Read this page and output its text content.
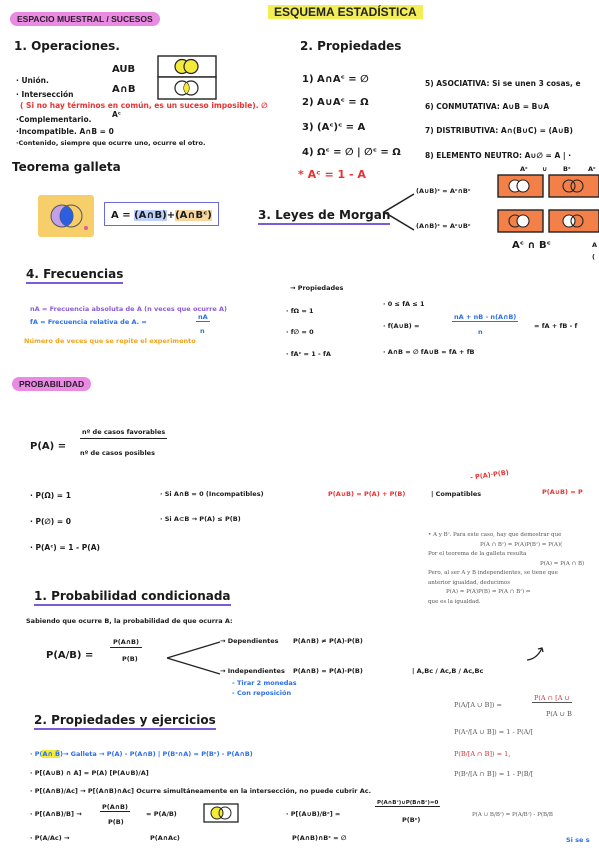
ESPACIO MUESTRAL / SUCESOS	ESQUEMA ESTADÍSTICA
1. Operaciones.
· Unión.
AUB
· Intersección	A∩B
( Si no hay términos en común, es un suceso imposible). ∅
·Complementario.
Aᶜ
·Incompatible. A∩B = 0
·Contenido, siempre que ocurre uno, ocurre el otro.
Teorema galleta
A = (A∩B)+(A∩Bᶜ)
2. Propiedades
1) A∩Aᶜ = ∅
2) A∪Aᶜ = Ω
3) (Aᶜ)ᶜ = A
4) Ωᶜ = ∅ | ∅ᶜ = Ω
* Aᶜ = 1 - A
5) ASOCIATIVA: Si se unen 3 cosas, e
6) CONMUTATIVA: A∪B = B∪A
7) DISTRIBUTIVA: A∩(B∪C) = (A∪B)
8) ELEMENTO NEUTRO: A∪∅ = A | ·
Aᶜ ∪ Bᶜ	Aᶜ
3. Leyes de Morgan
(A∪B)ᶜ = Aᶜ∩Bᶜ
(A∩B)ᶜ = Aᶜ∪Bᶜ
Aᶜ ∩ Bᶜ	A
(
4. Frecuencias
nA = Frecuencia absoluta de A (n veces que ocurre A)
fA = Frecuencia relativa de A. =
nA
n
Número de veces que se repite el experimento
→ Propiedades
· fΩ = 1
· f∅ = 0
· fAᶜ = 1 - fA
· 0 ≤ fA ≤ 1
· f(A∪B) =
nA + nB - n(A∩B)
n
= fA + fB - f
· A∩B = ∅ fA∪B = fA + fB
PROBABILIDAD
P(A) =
nº de casos favorables
nº de casos posibles
· P(Ω) = 1
· P(∅) = 0
· P(Aᶜ) = 1 - P(A)
· Si A∩B = 0 (Incompatibles)	P(A∪B) = P(A) + P(B)	| Compatibles	P(A∪B) = P
- P(A)·P(B)
· Si A⊂B → P(A) ≤ P(B)
• A y Bᶜ. Para este caso, hay que demostrar que
P(A ∩ Bᶜ) = P(A)P(Bᶜ) = P(A)(
Por el teorema de la galleta resulta
P(A) = P(A ∩ B)
Pero, al ser A y B independientes, se tiene que
anterior igualdad, deducimos
P(A) = P(A)P(B) = P(A ∩ Bᶜ) ⇔
que es la igualdad.
1. Probabilidad condicionada
Sabiendo que ocurre B, la probabilidad de que ocurra A:
P(A/B) =
P(A∩B)
P(B)
→ Dependientes P(A∩B) ≠ P(A)·P(B)
→ Independientes P(A∩B) = P(A)·P(B)	| A,Bc / Ac,B / Ac,Bc
- Tirar 2 monedas
- Con reposición
2. Propiedades y ejercicios
· P(A∩ B̄)→ Galleta → P(A) - P(A∩B) | P(Bᶜ∩A) = P(Bᶜ) - P(A∩B)
· P[(A∪B) ∩ A] = P(A) [P(A∪B)/A]
· P[(A∩B)/Ac] → P[(A∩B)∩Ac] Ocurre simultáneamente en la intersección, no puede cubrir Ac.
· P[(A∩B)/B] →
P(A∩B)
P(B)
= P(A/B)	· P[(A∪B)/Bᶜ] =
P(A∩Bᶜ)∪P(B∩Bᶜ)=0
P(Bᶜ)
· P(A/Ac) →	P(A∩Ac)	P(A∩B)∩Bᶜ = ∅
P(A/[A ∪ B]) =
P(A ∩ [A ∪
P(A ∪ B
P(Aᶜ/[A ∪ B]) = 1 - P(A/[
P(B/[A ∩ B]) = 1,
P(Bᶜ/[A ∩ B]) = 1 - P(B/[
P(A ∪ B/Bᶜ) = P(A/Bᶜ) - P(B/B
Si se s
